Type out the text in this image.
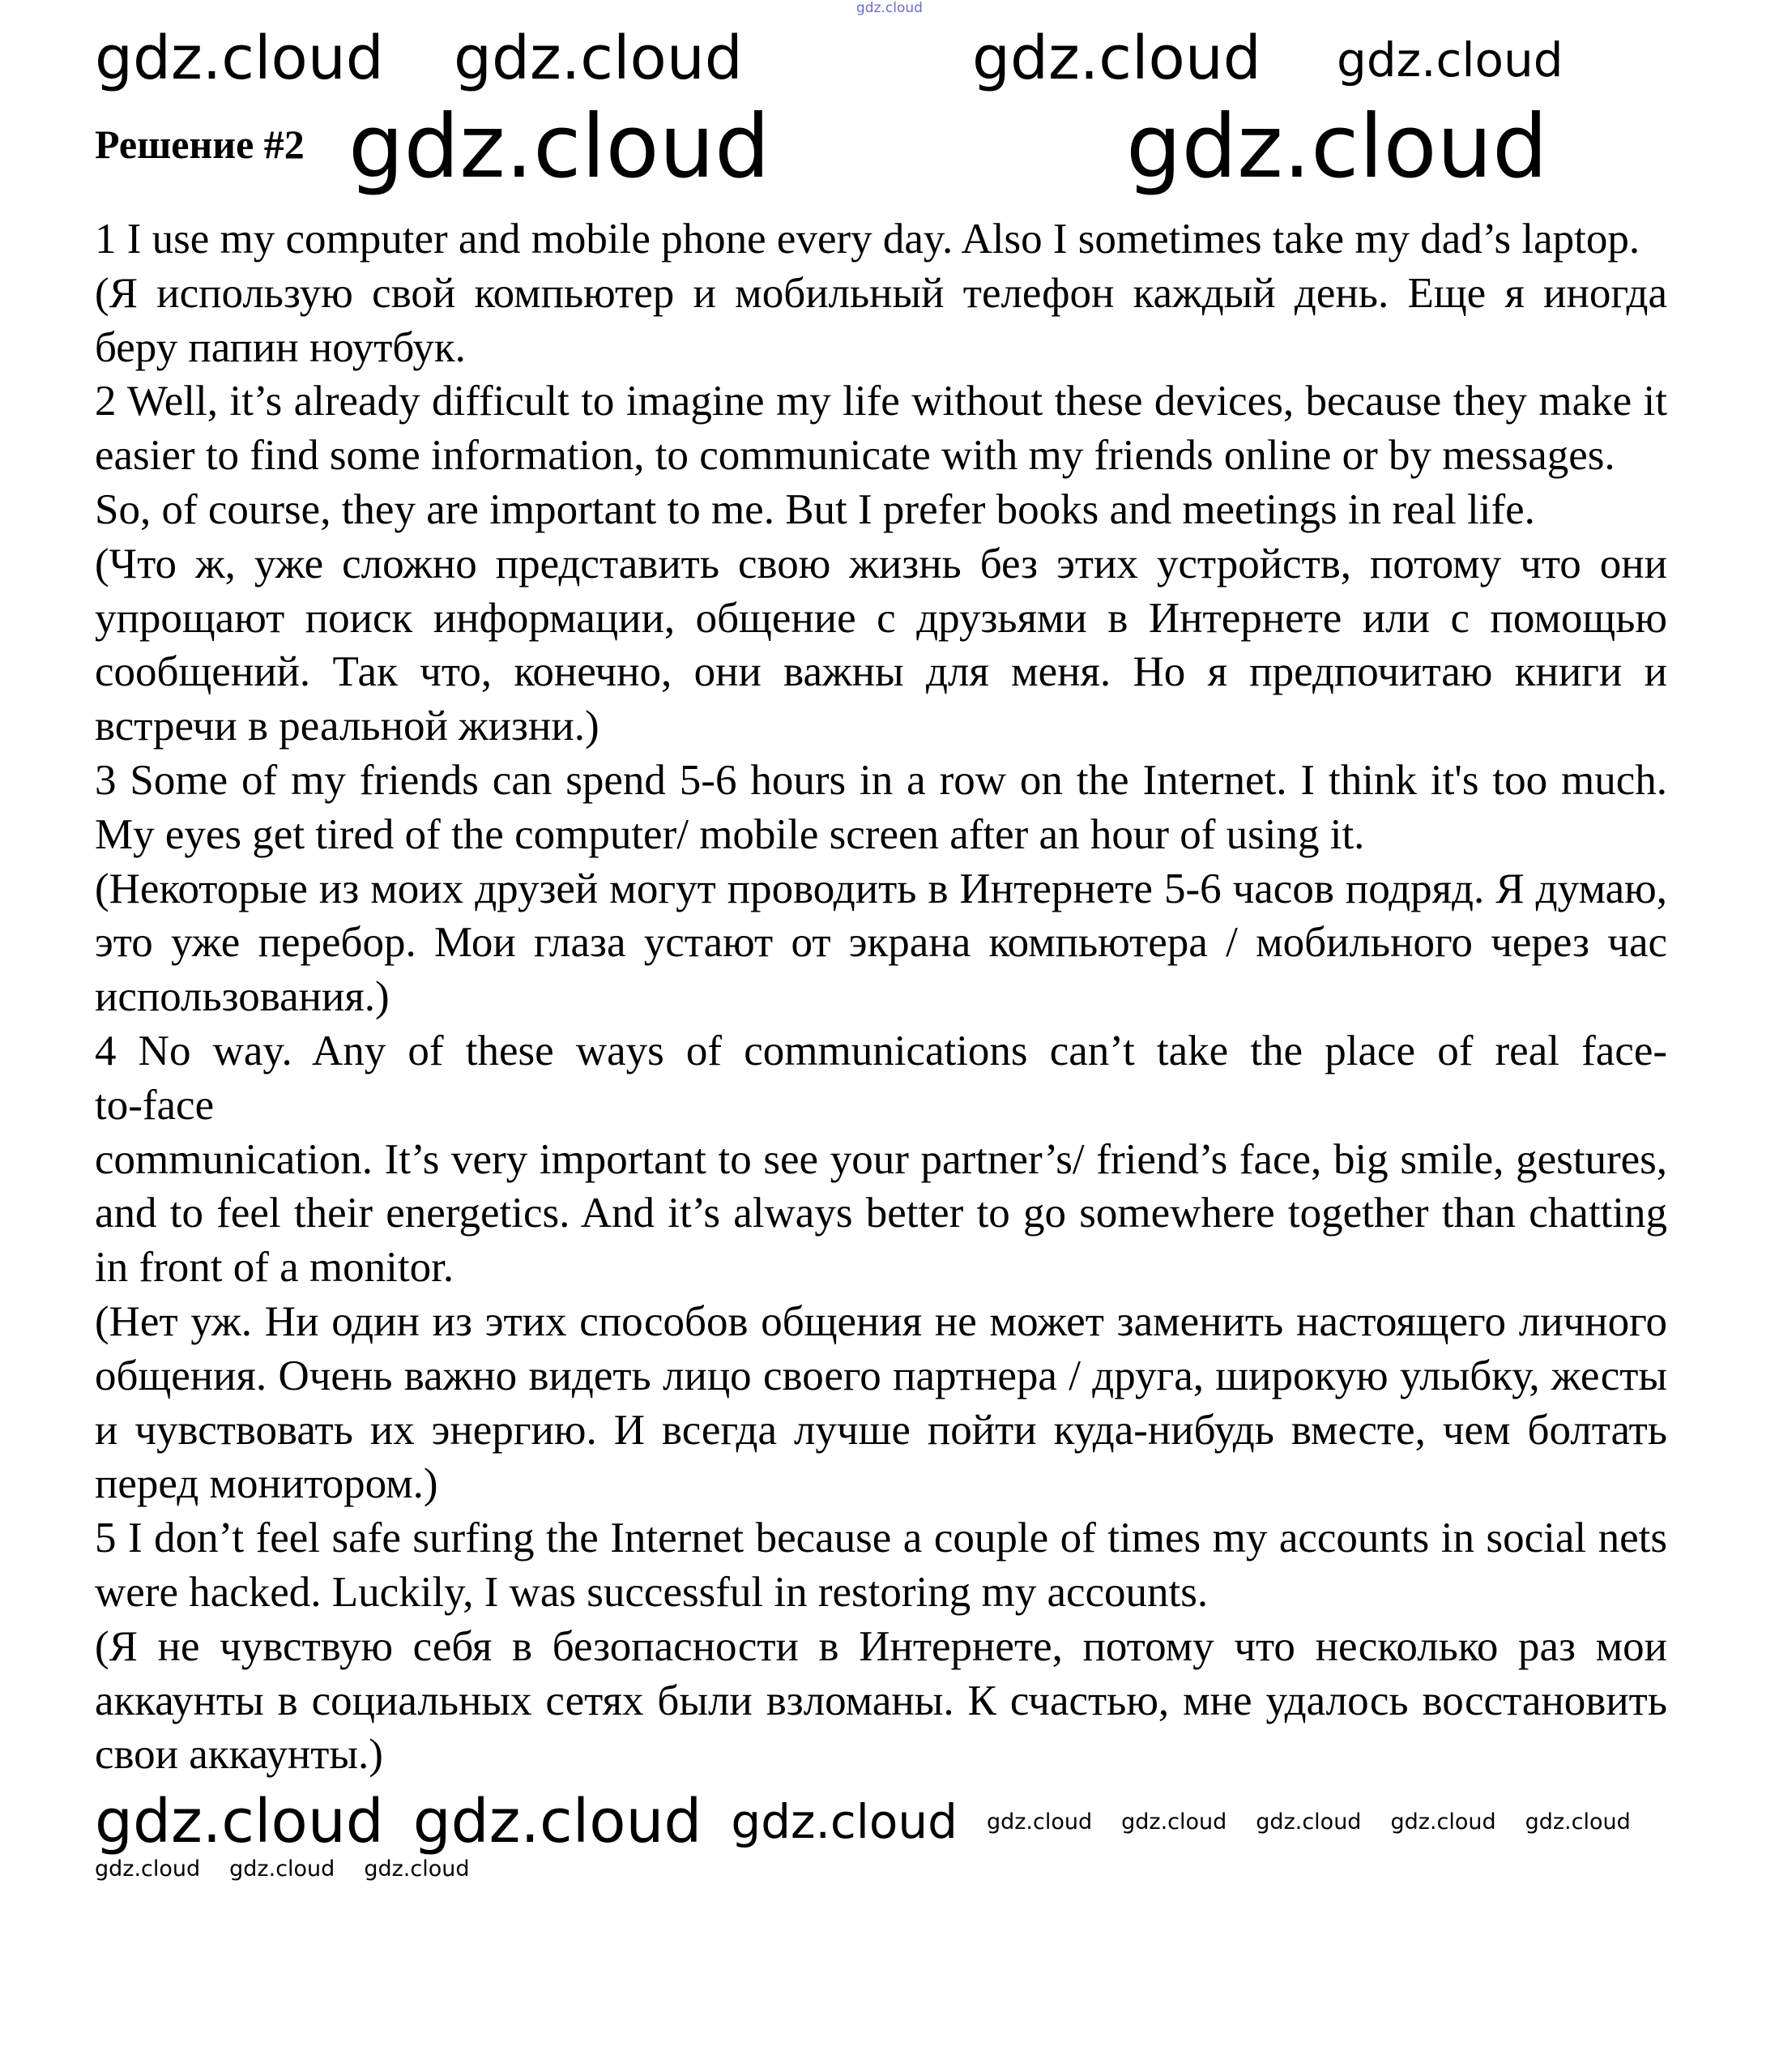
gdz.cloud
gdz.cloud gdz.cloud	gdz.cloud gdz.cloud
gdz.cloud	gdz.cloud
Решение #2

1 I use my computer and mobile phone every day. Also I sometimes take my dad’s laptop.

(Я использую свой компьютер и мобильный телефон каждый день. Еще я иногда беру папин ноутбук.

2 Well, it’s already difficult to imagine my life without these devices, because they make it easier to find some information, to communicate with my friends online or by messages.

So, of course, they are important to me. But I prefer books and meetings in real life.

(Что ж, уже сложно представить свою жизнь без этих устройств, потому что они упрощают поиск информации, общение с друзьями в Интернете или с помощью сообщений. Так что, конечно, они важны для меня. Но я предпочитаю книги и встречи в реальной жизни.)

3 Some of my friends can spend 5-6 hours in a row on the Internet. I think it's too much. My eyes get tired of the computer/ mobile screen after an hour of using it.

(Некоторые из моих друзей могут проводить в Интернете 5-6 часов подряд. Я думаю, это уже перебор. Мои глаза устают от экрана компьютера / мобильного через час использования.)

4 No way. Any of these ways of communications can’t take the place of real face-

to-face

communication. It’s very important to see your partner’s/ friend’s face, big smile, gestures, and to feel their energetics. And it’s always better to go somewhere together than chatting in front of a monitor.

(Нет уж. Ни один из этих способов общения не может заменить настоящего личного общения. Очень важно видеть лицо своего партнера / друга, широкую улыбку, жесты и чувствовать их энергию. И всегда лучше пойти куда-нибудь вместе, чем болтать перед монитором.)

5 I don’t feel safe surfing the Internet because a couple of times my accounts in social nets were hacked. Luckily, I was successful in restoring my accounts.

(Я не чувствую себя в безопасности в Интернете, потому что несколько раз мои аккаунты в социальных сетях были взломаны. К счастью, мне удалось восстановить свои аккаунты.)

gdz.cloud gdz.cloud gdz.cloud gdz.cloud gdz.cloud gdz.cloud gdz.cloud gdz.cloud
gdz.cloud gdz.cloud gdz.cloud
